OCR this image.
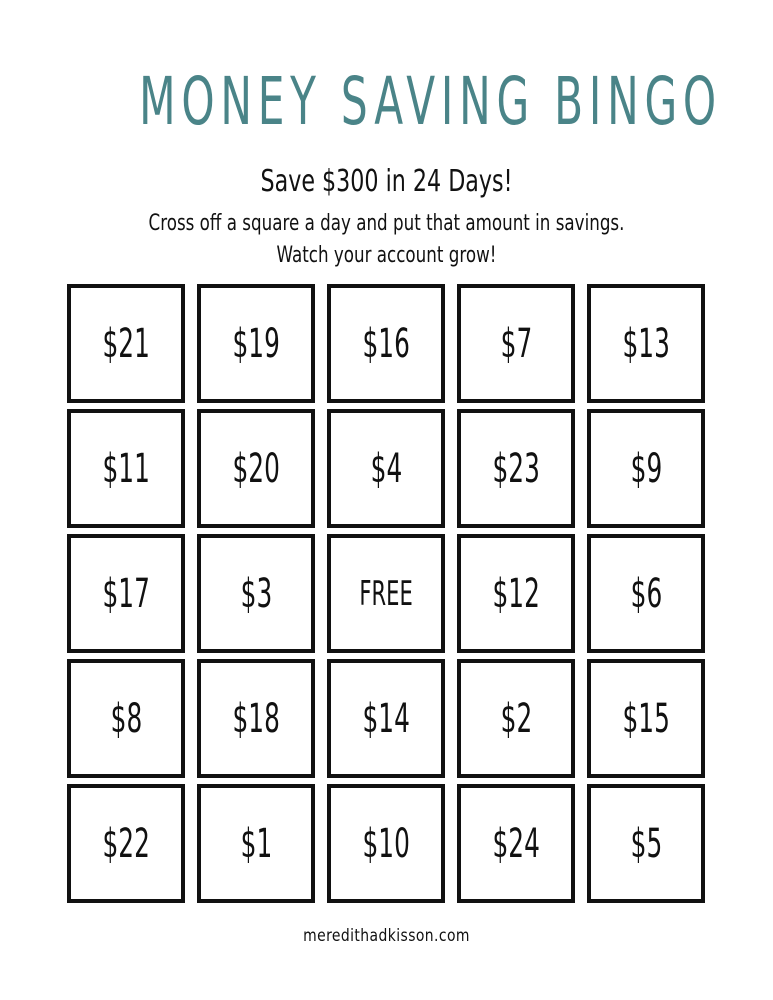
MONEY SAVING BINGO
Save $300 in 24 Days!
Cross off a square a day and put that amount in savings.
Watch your account grow!
$21 $19 $16 $7 $13
$11 $20 $4 $23 $9
$17 $3	FREE $12 $6
$8 $18 $14 $2 $15
$22 $1 $10 $24 $5
meredithadkisson.com
